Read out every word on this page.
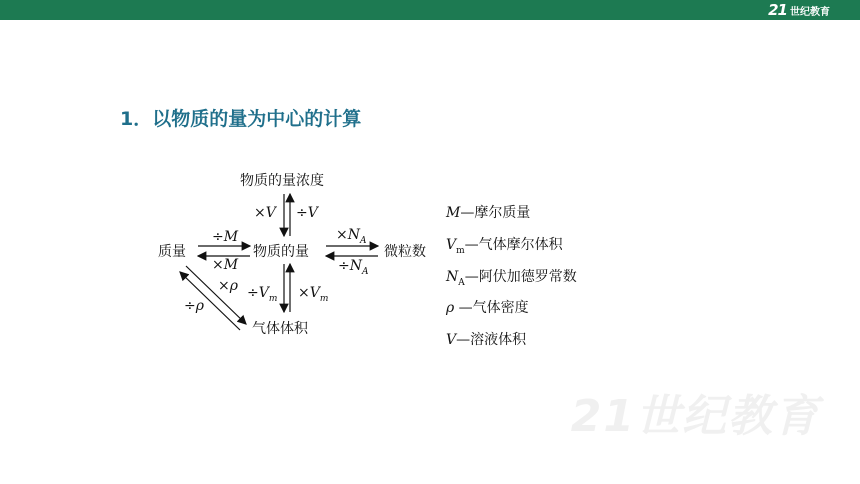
21 世纪教育
1．以物质的量为中心的计算
物质的量浓度
质量	物质的量	微粒数
气体体积
×V ÷V
÷M
×M
$\times N_A$
$\div N_A$
$\div V_m \times V_m$
×ρ
÷ρ
M—摩尔质量
$V_m—$气体摩尔体积
$N_A—$阿伏加德罗常数
ρ —气体密度
V—溶液体积
21世纪教育
